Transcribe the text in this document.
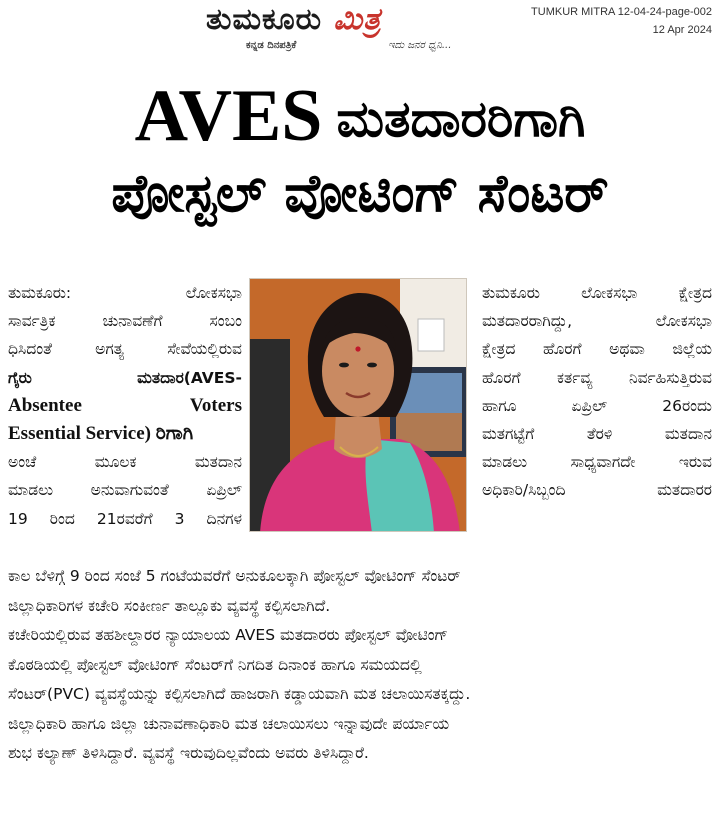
ತುಮಕೂರು ಮಿತ್ರ
ಕನ್ನಡ ದಿನಪತ್ರಿಕೆ	ಇದು ಜನರ ಧ್ವನಿ...
TUMKUR MITRA 12-04-24-page-002
12 Apr 2024
AVES ಮತದಾರರಿಗಾಗಿ
ಪೋಸ್ಟಲ್ ವೋಟಿಂಗ್ ಸೆಂಟರ್
ತುಮಕೂರು: ಲೋಕಸಭಾ
ಸಾರ್ವತ್ರಿಕ ಚುನಾವಣೆಗೆ ಸಂಬಂ
ಧಿಸಿದಂತೆ ಅಗತ್ಯ ಸೇವೆಯಲ್ಲಿರುವ
ಗೈರು ಮತದಾರ(AVES-
Absentee Voters
Essential Service) ರಿಗಾಗಿ
ಅಂಚೆ ಮೂಲಕ ಮತದಾನ
ಮಾಡಲು ಅನುವಾಗುವಂತೆ ಏಪ್ರಿಲ್
19 ರಿಂದ 21ರವರೆಗೆ 3 ದಿನಗಳ
ತುಮಕೂರು ಲೋಕಸಭಾ ಕ್ಷೇತ್ರದ
ಮತದಾರರಾಗಿದ್ದು, ಲೋಕಸಭಾ
ಕ್ಷೇತ್ರದ ಹೊರಗೆ ಅಥವಾ ಜಿಲ್ಲೆಯ
ಹೊರಗೆ ಕರ್ತವ್ಯ ನಿರ್ವಹಿಸುತ್ತಿರುವ
ಹಾಗೂ ಏಪ್ರಿಲ್ 26ರಂದು
ಮತಗಟ್ಟೆಗೆ ತೆರಳಿ ಮತದಾನ
ಮಾಡಲು ಸಾಧ್ಯವಾಗದೇ ಇರುವ
ಅಧಿಕಾರಿ/ಸಿಬ್ಬಂದಿ ಮತದಾರರ
ಕಾಲ ಬೆಳಿಗ್ಗೆ 9 ರಿಂದ ಸಂಜೆ 5 ಗಂಟೆಯವರೆಗೆ ಅನುಕೂಲಕ್ಕಾಗಿ ಪೋಸ್ಟಲ್ ವೋಟಿಂಗ್ ಸೆಂಟರ್
ಜಿಲ್ಲಾಧಿಕಾರಿಗಳ ಕಚೇರಿ ಸಂಕೀರ್ಣ ತಾಲ್ಲೂಕು ವ್ಯವಸ್ಥೆ ಕಲ್ಪಿಸಲಾಗಿದೆ.
ಕಚೇರಿಯಲ್ಲಿರುವ ತಹಶೀಲ್ದಾರರ ನ್ಯಾಯಾಲಯ AVES ಮತದಾರರು ಪೋಸ್ಟಲ್ ವೋಟಿಂಗ್
ಕೊಠಡಿಯಲ್ಲಿ ಪೋಸ್ಟಲ್ ವೋಟಿಂಗ್ ಸೆಂಟರ್‌ಗೆ ನಿಗದಿತ ದಿನಾಂಕ ಹಾಗೂ ಸಮಯದಲ್ಲಿ
ಸೆಂಟರ್(PVC) ವ್ಯವಸ್ಥೆಯನ್ನು ಕಲ್ಪಿಸಲಾಗಿದೆ ಹಾಜರಾಗಿ ಕಡ್ಡಾಯವಾಗಿ ಮತ ಚಲಾಯಿಸತಕ್ಕದ್ದು.
ಜಿಲ್ಲಾಧಿಕಾರಿ ಹಾಗೂ ಜಿಲ್ಲಾ ಚುನಾವಣಾಧಿಕಾರಿ ಮತ ಚಲಾಯಿಸಲು ಇನ್ನಾವುದೇ ಪರ್ಯಾಯ
ಶುಭ ಕಲ್ಯಾಣ್ ತಿಳಿಸಿದ್ದಾರೆ. ವ್ಯವಸ್ಥೆ ಇರುವುದಿಲ್ಲವೆಂದು ಅವರು ತಿಳಿಸಿದ್ದಾರೆ.
